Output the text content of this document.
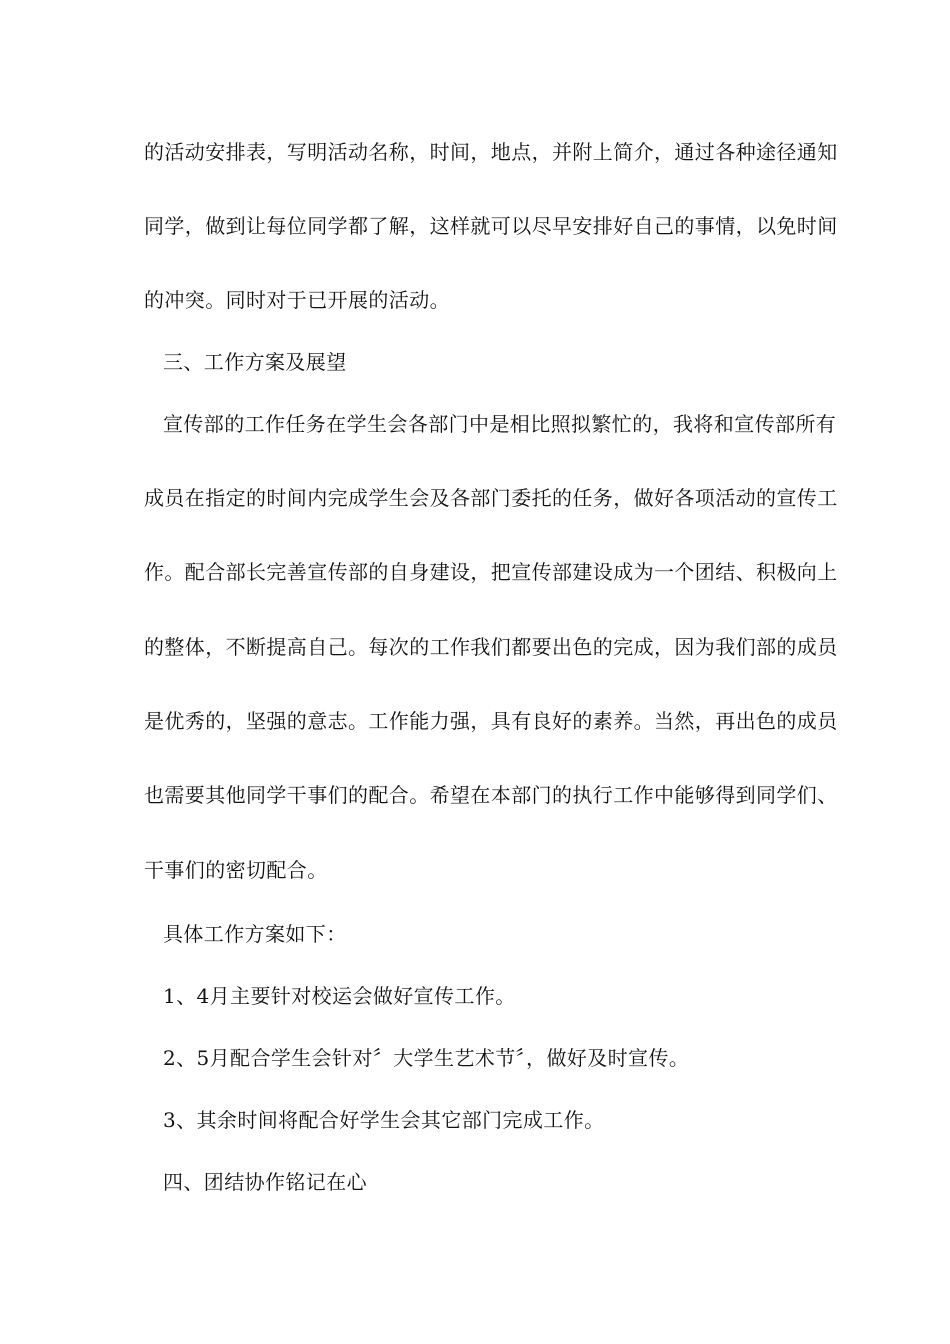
的活动安排表，写明活动名称，时间，地点，并附上简介，通过各种途径通知
同学，做到让每位同学都了解，这样就可以尽早安排好自己的事情，以免时间
的冲突。同时对于已开展的活动。
三、工作方案及展望
宣传部的工作任务在学生会各部门中是相比照拟繁忙的，我将和宣传部所有
成员在指定的时间内完成学生会及各部门委托的任务，做好各项活动的宣传工
作。配合部长完善宣传部的自身建设，把宣传部建设成为一个团结、积极向上
的整体，不断提高自己。每次的工作我们都要出色的完成，因为我们部的成员
是优秀的，坚强的意志。工作能力强，具有良好的素养。当然，再出色的成员
也需要其他同学干事们的配合。希望在本部门的执行工作中能够得到同学们、
干事们的密切配合。
具体工作方案如下：
1、4月主要针对校运会做好宣传工作。
2、5月配合学生会针对〞大学生艺术节〞，做好及时宣传。
3、其余时间将配合好学生会其它部门完成工作。
四、团结协作铭记在心
